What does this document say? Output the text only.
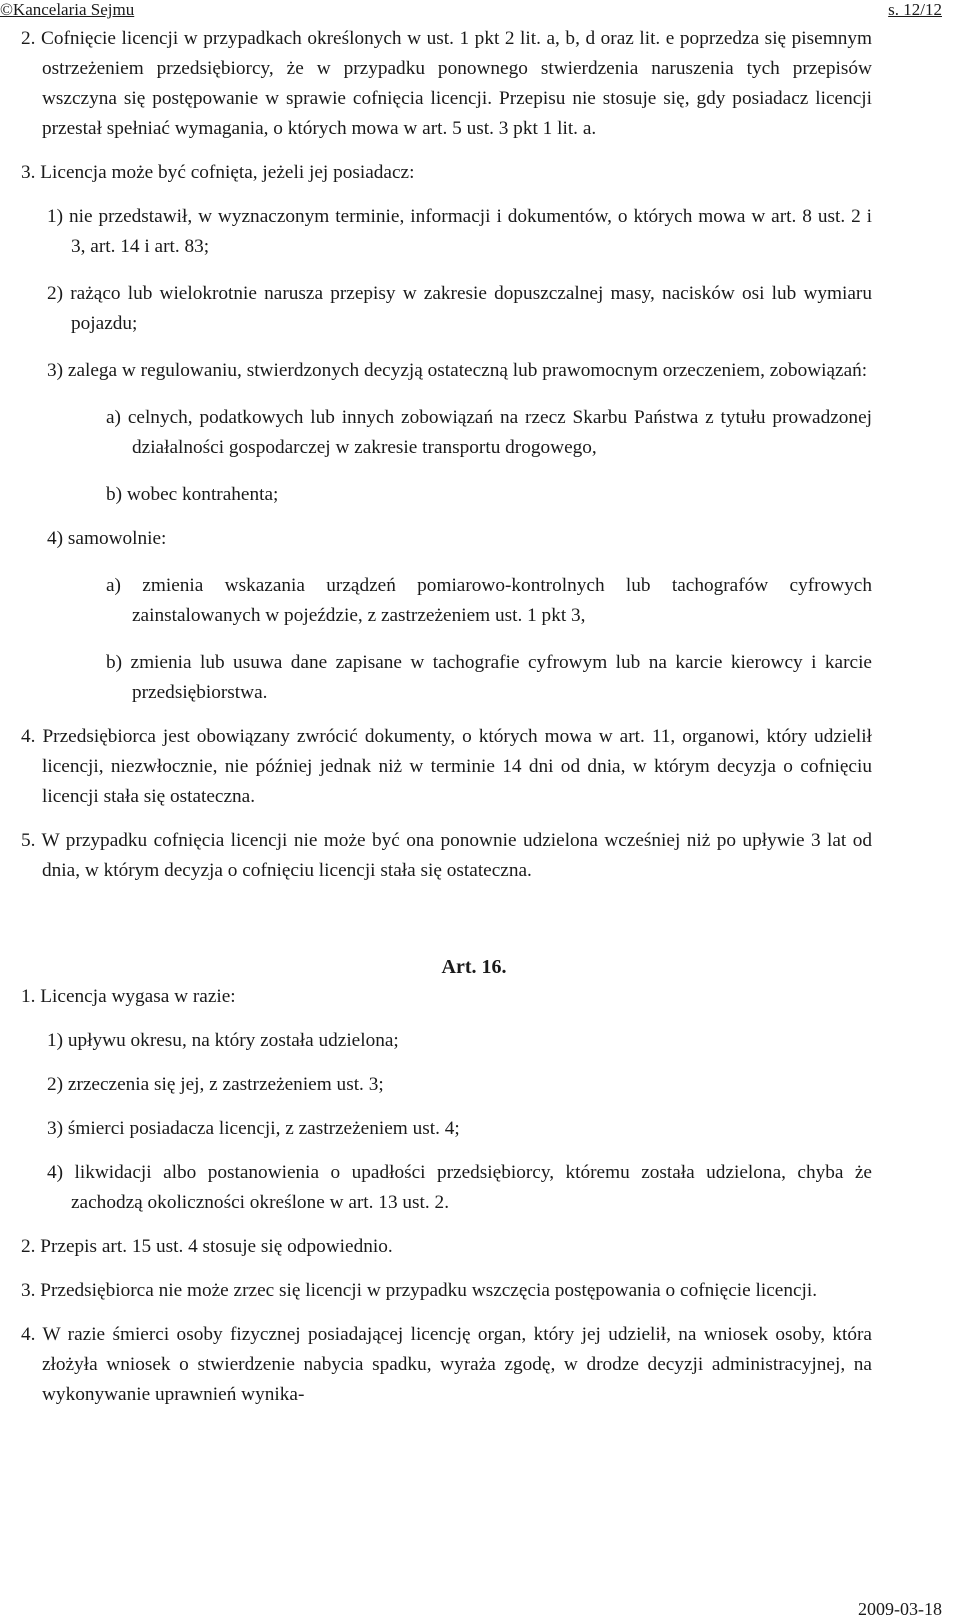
©Kancelaria Sejmu	s. 12/12

2. Cofnięcie licencji w przypadkach określonych w ust. 1 pkt 2 lit. a, b, d oraz lit. e poprzedza się pisemnym ostrzeżeniem przedsiębiorcy, że w przypadku ponownego stwierdzenia naruszenia tych przepisów wszczyna się postępowanie w sprawie cofnięcia licencji. Przepisu nie stosuje się, gdy posiadacz licencji przestał spełniać wymagania, o których mowa w art. 5 ust. 3 pkt 1 lit. a.

3. Licencja może być cofnięta, jeżeli jej posiadacz:

1) nie przedstawił, w wyznaczonym terminie, informacji i dokumentów, o których mowa w art. 8 ust. 2 i 3, art. 14 i art. 83;

2) rażąco lub wielokrotnie narusza przepisy w zakresie dopuszczalnej masy, nacisków osi lub wymiaru pojazdu;

3) zalega w regulowaniu, stwierdzonych decyzją ostateczną lub prawomocnym orzeczeniem, zobowiązań:

a) celnych, podatkowych lub innych zobowiązań na rzecz Skarbu Państwa z tytułu prowadzonej działalności gospodarczej w zakresie transportu drogowego,

b) wobec kontrahenta;

4) samowolnie:

a) zmienia wskazania urządzeń pomiarowo-kontrolnych lub tachografów cyfrowych zainstalowanych w pojeździe, z zastrzeżeniem ust. 1 pkt 3,

b) zmienia lub usuwa dane zapisane w tachografie cyfrowym lub na karcie kierowcy i karcie przedsiębiorstwa.

4. Przedsiębiorca jest obowiązany zwrócić dokumenty, o których mowa w art. 11, organowi, który udzielił licencji, niezwłocznie, nie później jednak niż w terminie 14 dni od dnia, w którym decyzja o cofnięciu licencji stała się ostateczna.

5. W przypadku cofnięcia licencji nie może być ona ponownie udzielona wcześniej niż po upływie 3 lat od dnia, w którym decyzja o cofnięciu licencji stała się ostateczna.

Art. 16.

1. Licencja wygasa w razie:

1) upływu okresu, na który została udzielona;

2) zrzeczenia się jej, z zastrzeżeniem ust. 3;

3) śmierci posiadacza licencji, z zastrzeżeniem ust. 4;

4) likwidacji albo postanowienia o upadłości przedsiębiorcy, któremu została udzielona, chyba że zachodzą okoliczności określone w art. 13 ust. 2.

2. Przepis art. 15 ust. 4 stosuje się odpowiednio.

3. Przedsiębiorca nie może zrzec się licencji w przypadku wszczęcia postępowania o cofnięcie licencji.

4. W razie śmierci osoby fizycznej posiadającej licencję organ, który jej udzielił, na wniosek osoby, która złożyła wniosek o stwierdzenie nabycia spadku, wyraża zgodę, w drodze decyzji administracyjnej, na wykonywanie uprawnień wynika-

2009-03-18
